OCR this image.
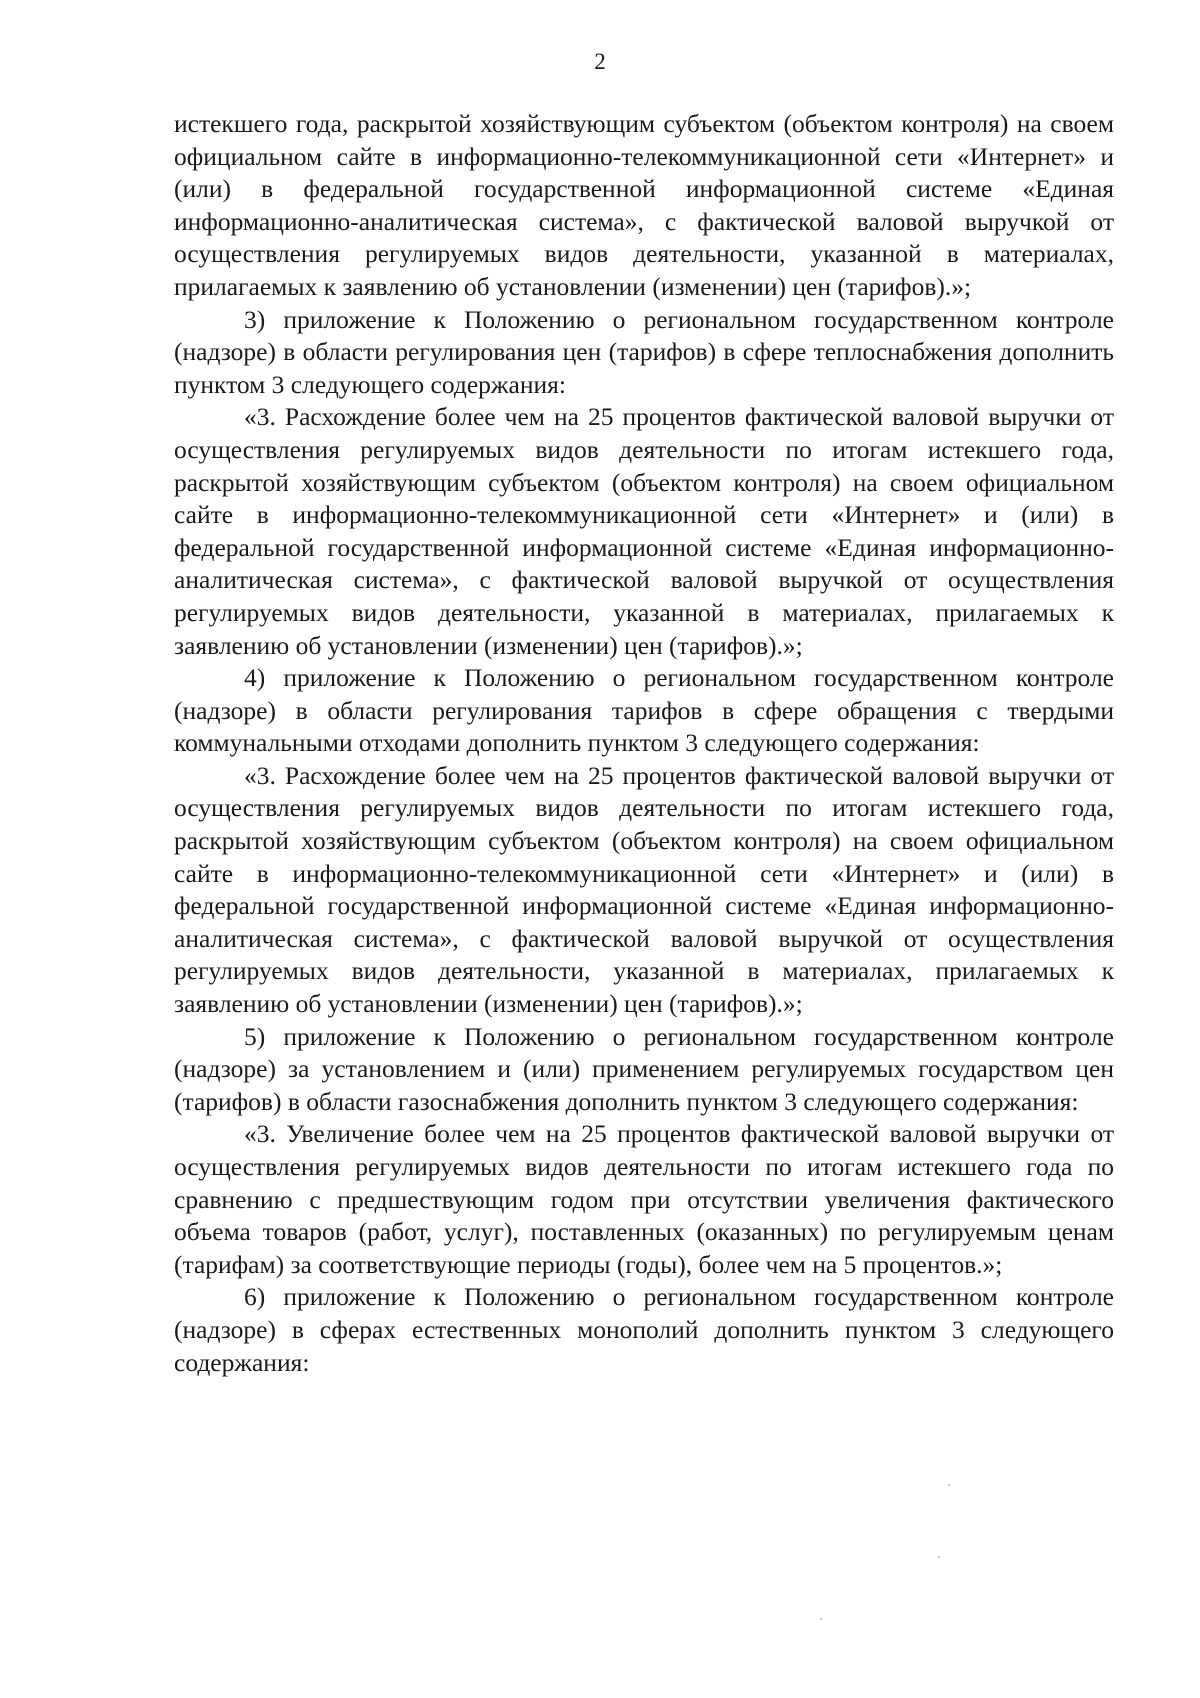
2

истекшего года, раскрытой хозяйствующим субъектом (объектом контроля) на своем официальном сайте в информационно-телекоммуникационной сети «Интернет» и (или) в федеральной государственной информационной системе «Единая информационно-аналитическая система», с фактической валовой выручкой от осуществления регулируемых видов деятельности, указанной в материалах, прилагаемых к заявлению об установлении (изменении) цен (тарифов).»;

3) приложение к Положению о региональном государственном контроле (надзоре) в области регулирования цен (тарифов) в сфере теплоснабжения дополнить пунктом 3 следующего содержания:

«3. Расхождение более чем на 25 процентов фактической валовой выручки от осуществления регулируемых видов деятельности по итогам истекшего года, раскрытой хозяйствующим субъектом (объектом контроля) на своем официальном сайте в информационно-телекоммуникационной сети «Интернет» и (или) в федеральной государственной информационной системе «Единая информационно-аналитическая система», с фактической валовой выручкой от осуществления регулируемых видов деятельности, указанной в материалах, прилагаемых к заявлению об установлении (изменении) цен (тарифов).»;

4) приложение к Положению о региональном государственном контроле (надзоре) в области регулирования тарифов в сфере обращения с твердыми коммунальными отходами дополнить пунктом 3 следующего содержания:

«3. Расхождение более чем на 25 процентов фактической валовой выручки от осуществления регулируемых видов деятельности по итогам истекшего года, раскрытой хозяйствующим субъектом (объектом контроля) на своем официальном сайте в информационно-телекоммуникационной сети «Интернет» и (или) в федеральной государственной информационной системе «Единая информационно-аналитическая система», с фактической валовой выручкой от осуществления регулируемых видов деятельности, указанной в материалах, прилагаемых к заявлению об установлении (изменении) цен (тарифов).»;

5) приложение к Положению о региональном государственном контроле (надзоре) за установлением и (или) применением регулируемых государством цен (тарифов) в области газоснабжения дополнить пунктом 3 следующего содержания:

«3. Увеличение более чем на 25 процентов фактической валовой выручки от осуществления регулируемых видов деятельности по итогам истекшего года по сравнению с предшествующим годом при отсутствии увеличения фактического объема товаров (работ, услуг), поставленных (оказанных) по регулируемым ценам (тарифам) за соответствующие периоды (годы), более чем на 5 процентов.»;

6) приложение к Положению о региональном государственном контроле (надзоре) в сферах естественных монополий дополнить пунктом 3 следующего содержания:
